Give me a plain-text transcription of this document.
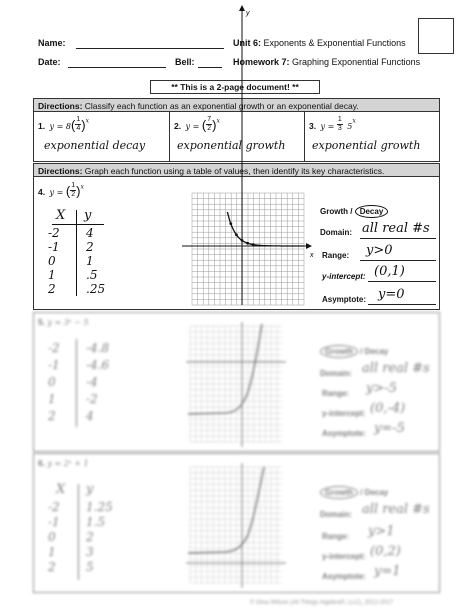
Name:
Date:	Bell:
Unit 6: Exponents & Exponential Functions
Homework 7: Graphing Exponential Functions
** This is a 2-page document! **
Directions: Classify each function as an exponential growth or an exponential decay.
1. $y = 8( \frac{1}{4} )^x$
exponential decay
2. y = ( $\frac{7}{2} )^x$
exponential growth
3. $y = \frac{1}{3} 5^x$
exponential growth
Directions: Graph each function using a table of values, then identify its key characteristics.
4. y = ( $\frac{1}{2} )^x$
X y
-2 4
-1 2
0	1
1	.5
2	.25
Growth / Decay
Domain: all real #s
Range: y>0
y-intercept: (0,1)
Asymptote: y=0
y
x
5. y = 3ˣ − 5
-2 -4.8
-1 -4.6
0	-4
1	-2
2	4
Growth / Decay
Domain: all real #s
Range: y>-5
y-intercept: (0,-4)
Asymptote: y=-5
6. y = 2ˣ + 1
X y
-2 1.25
-1 1.5
0	2
1	3
2	5
Growth / Decay
Domain: all real #s
Range: y>1
y-intercept: (0,2)
Asymptote: y=1
© Gina Wilson (All Things Algebra®, LLC), 2012-2017
